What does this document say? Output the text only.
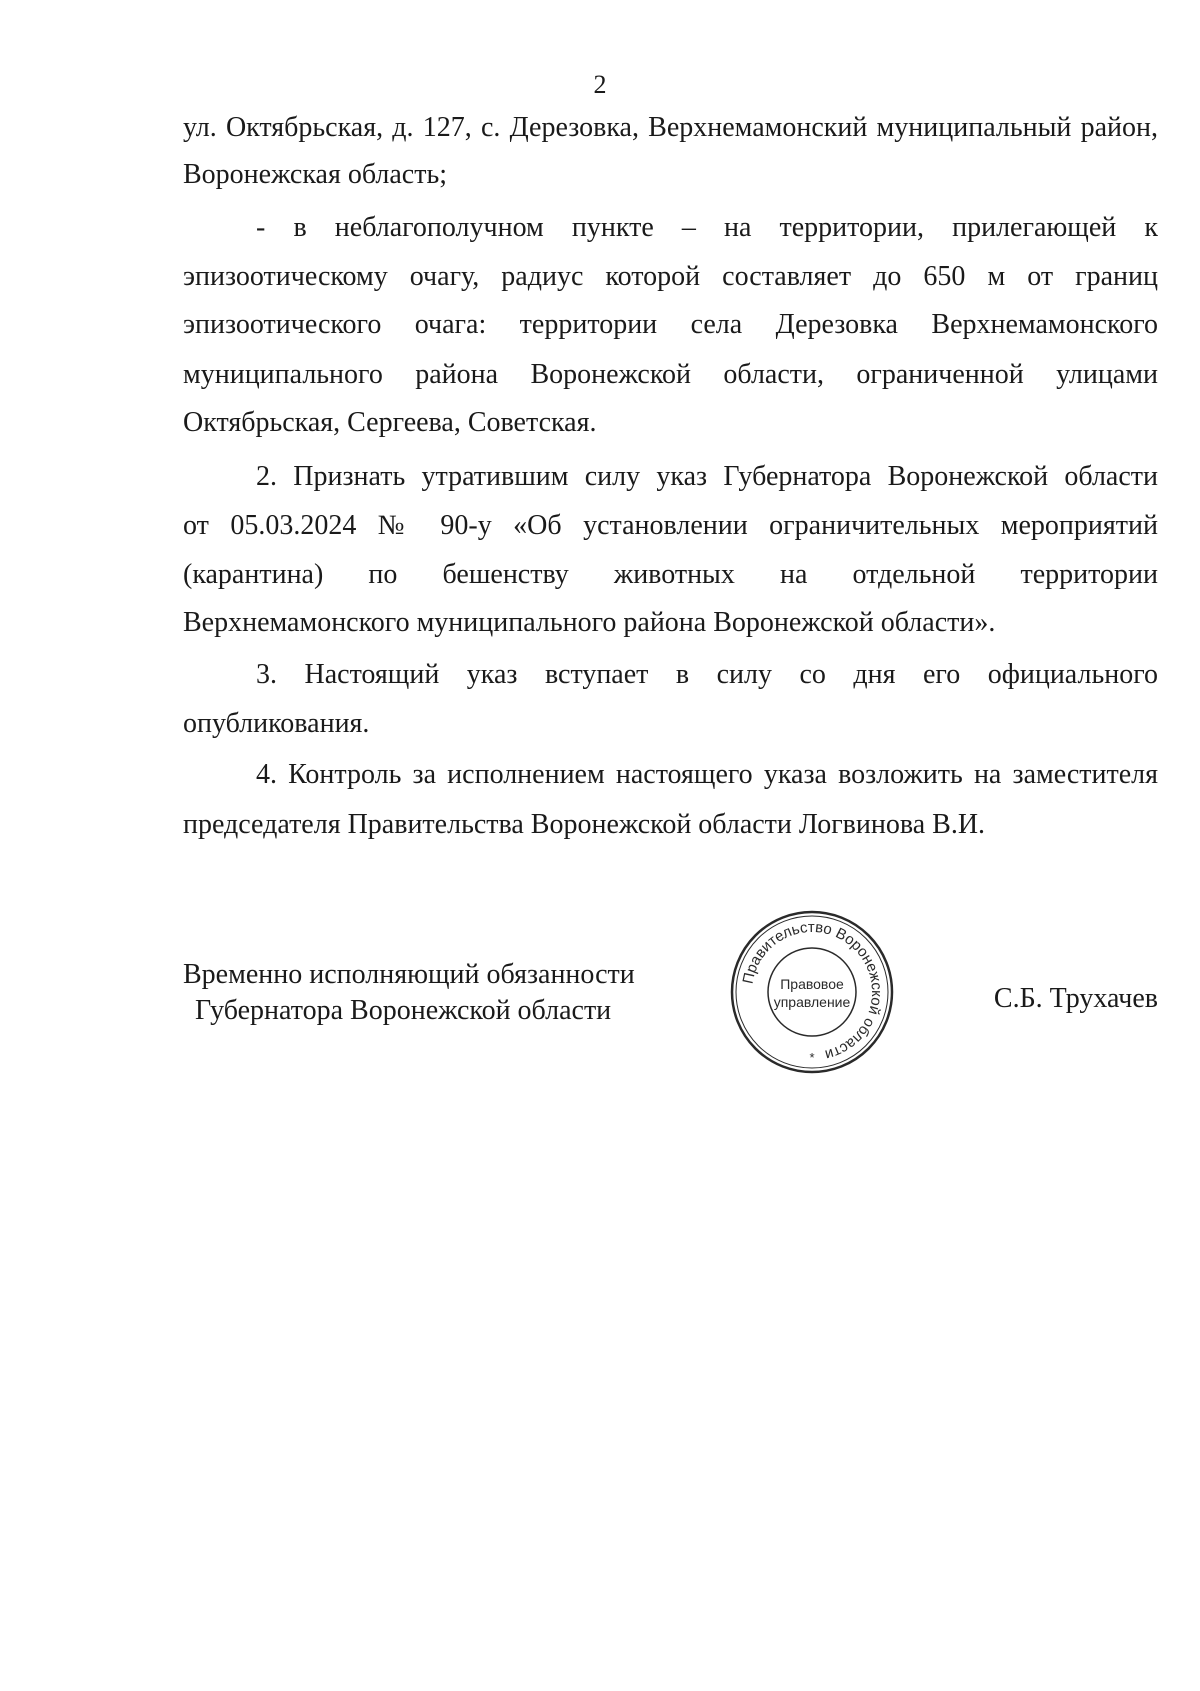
2
ул. Октябрьская, д. 127, с. Дерезовка, Верхнемамонский муниципальный район,
Воронежская область;
- в неблагополучном пункте – на территории, прилегающей к
эпизоотическому очагу, радиус которой составляет до 650 м от границ
эпизоотического очага: территории села Дерезовка Верхнемамонского
муниципального района Воронежской области, ограниченной улицами
Октябрьская, Сергеева, Советская.
2. Признать утратившим силу указ Губернатора Воронежской области
от 05.03.2024 № 90-у «Об установлении ограничительных мероприятий
(карантина) по бешенству животных на отдельной территории
Верхнемамонского муниципального района Воронежской области».
3. Настоящий указ вступает в силу со дня его официального
опубликования.
4. Контроль за исполнением настоящего указа возложить на заместителя
председателя Правительства Воронежской области Логвинова В.И.
Временно исполняющий обязанности
Губернатора Воронежской области
Правительство Воронежской области
Правовое
управление
*
С.Б. Трухачев
